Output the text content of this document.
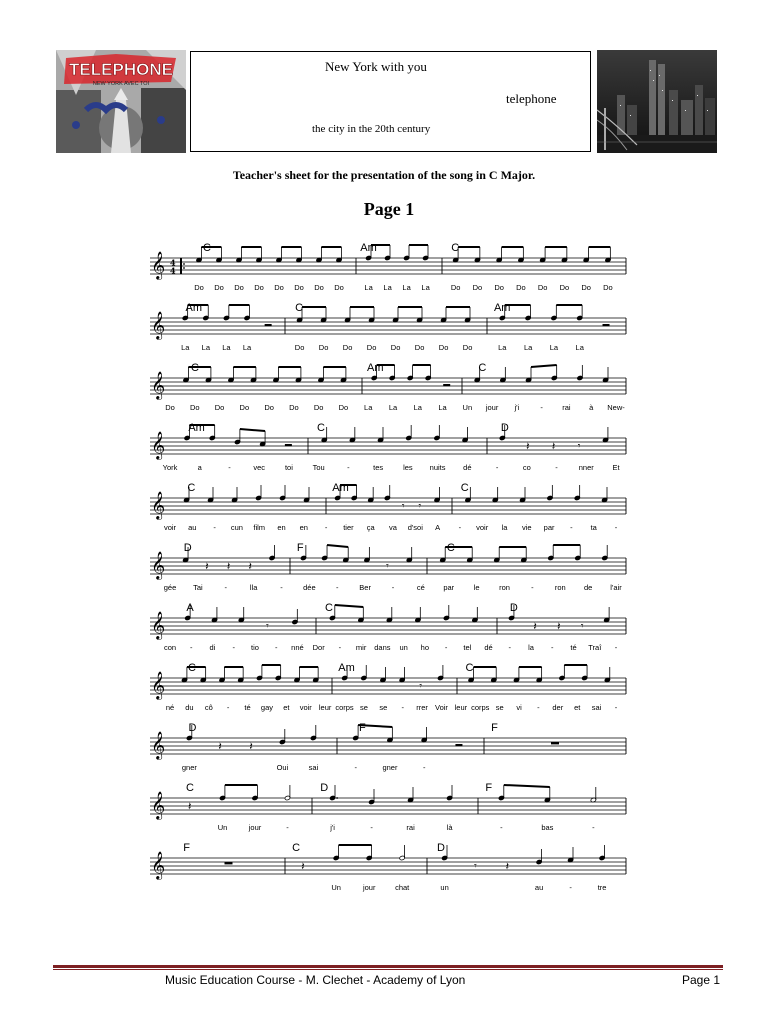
TELEPHONE
NEW YORK AVEC TOI
New York with you
telephone
the city in the 20th century
Teacher's sheet for the presentation of the song in C Major.
Page 1
𝄞 4
4
C	Am	C
Do Do Do Do Do Do Do Do	La La La La	Do Do Do Do Do Do Do Do
𝄞
Am	C	Am
La La La La	Do Do Do Do Do Do Do Do	La La La La
𝄞
C	Am	C
Do Do Do Do Do Do Do Do La La La La Un jour j'i	-	rai à New-
𝄞	𝄽 𝄽 𝄾
Am	C	D
York	a	-	vec	toi	Tou	-	tes	les nuits dé	-	co	-	nner Et
𝄞	𝄾 𝄾
C	Am	C
voir au - cun film en en - tier ça va d'soi A - voir la vie par - ta -
𝄞	𝄽 𝄽 𝄽	𝄾
D	F	C
gée Tai	-	lla	-	dée	-	Ber	-	cé par	le	ron	-	ron de l'air
𝄞	𝄾	𝄽 𝄽 𝄾
A	C	D
con - di - tio - nné Dor - mir dans un ho - tel dé - la - té Traî -
𝄞	𝄾
C	Am	C
né du cô - té gay et voir leur corps se se - rrer Voir leur corps se vi - der et sai -
𝄞	𝄽	𝄽
D	F	F
gner	Oui	sai	-	gner	-
𝄞 𝄽
C	D	F
Un	jour	-	j'i	-	rai	là	-	bas	-
𝄞	𝄽	𝄾	𝄽
F	C	D
Un	jour	chat	un	au	-	tre
Music Education Course - M. Clechet - Academy of Lyon	Page 1
